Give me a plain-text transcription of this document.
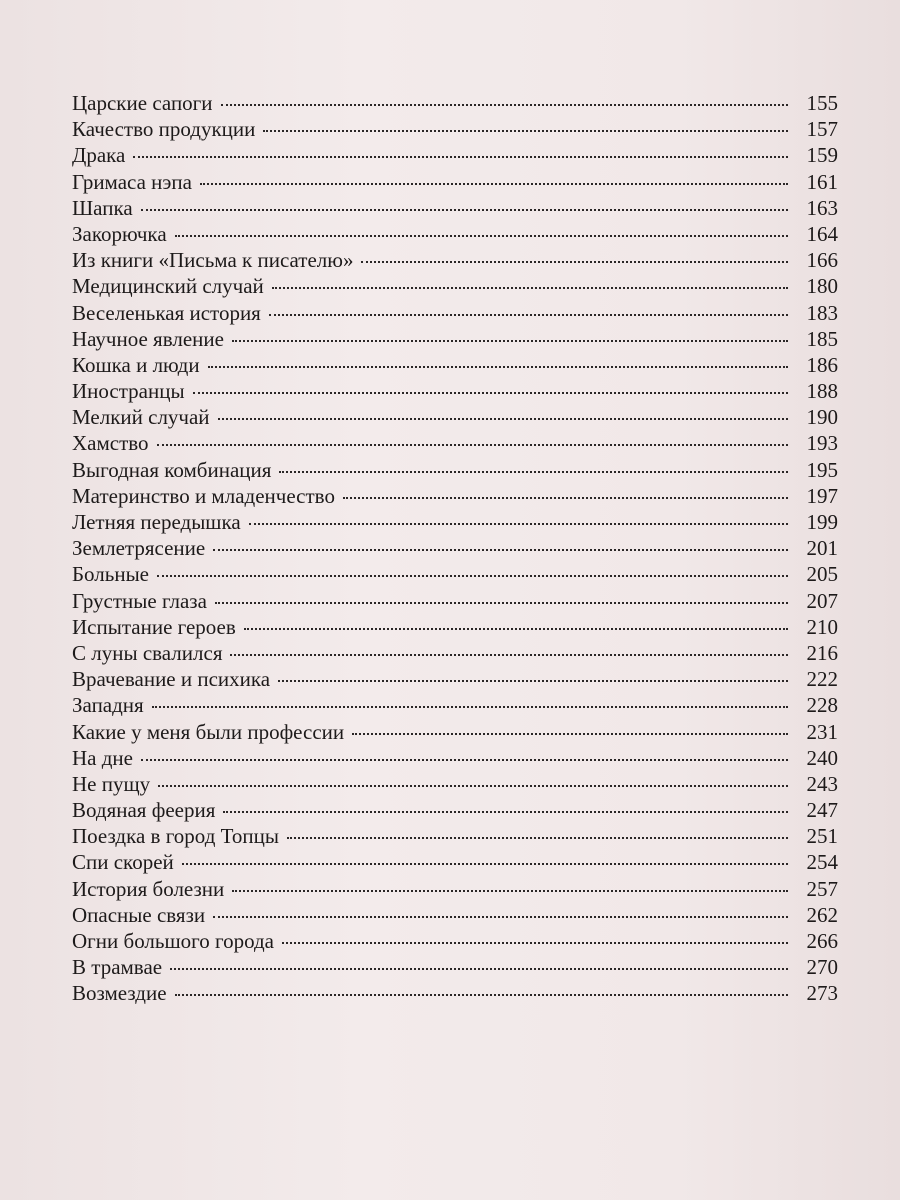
Царские сапоги	155
Качество продукции	157
Драка	159
Гримаса нэпа	161
Шапка	163
Закорючка	164
Из книги «Письма к писателю»	166
Медицинский случай	180
Веселенькая история	183
Научное явление	185
Кошка и люди	186
Иностранцы	188
Мелкий случай	190
Хамство	193
Выгодная комбинация	195
Материнство и младенчество	197
Летняя передышка	199
Землетрясение	201
Больные	205
Грустные глаза	207
Испытание героев	210
С луны свалился	216
Врачевание и психика	222
Западня	228
Какие у меня были профессии	231
На дне	240
Не пущу	243
Водяная феерия	247
Поездка в город Топцы	251
Спи скорей	254
История болезни	257
Опасные связи	262
Огни большого города	266
В трамвае	270
Возмездие	273
